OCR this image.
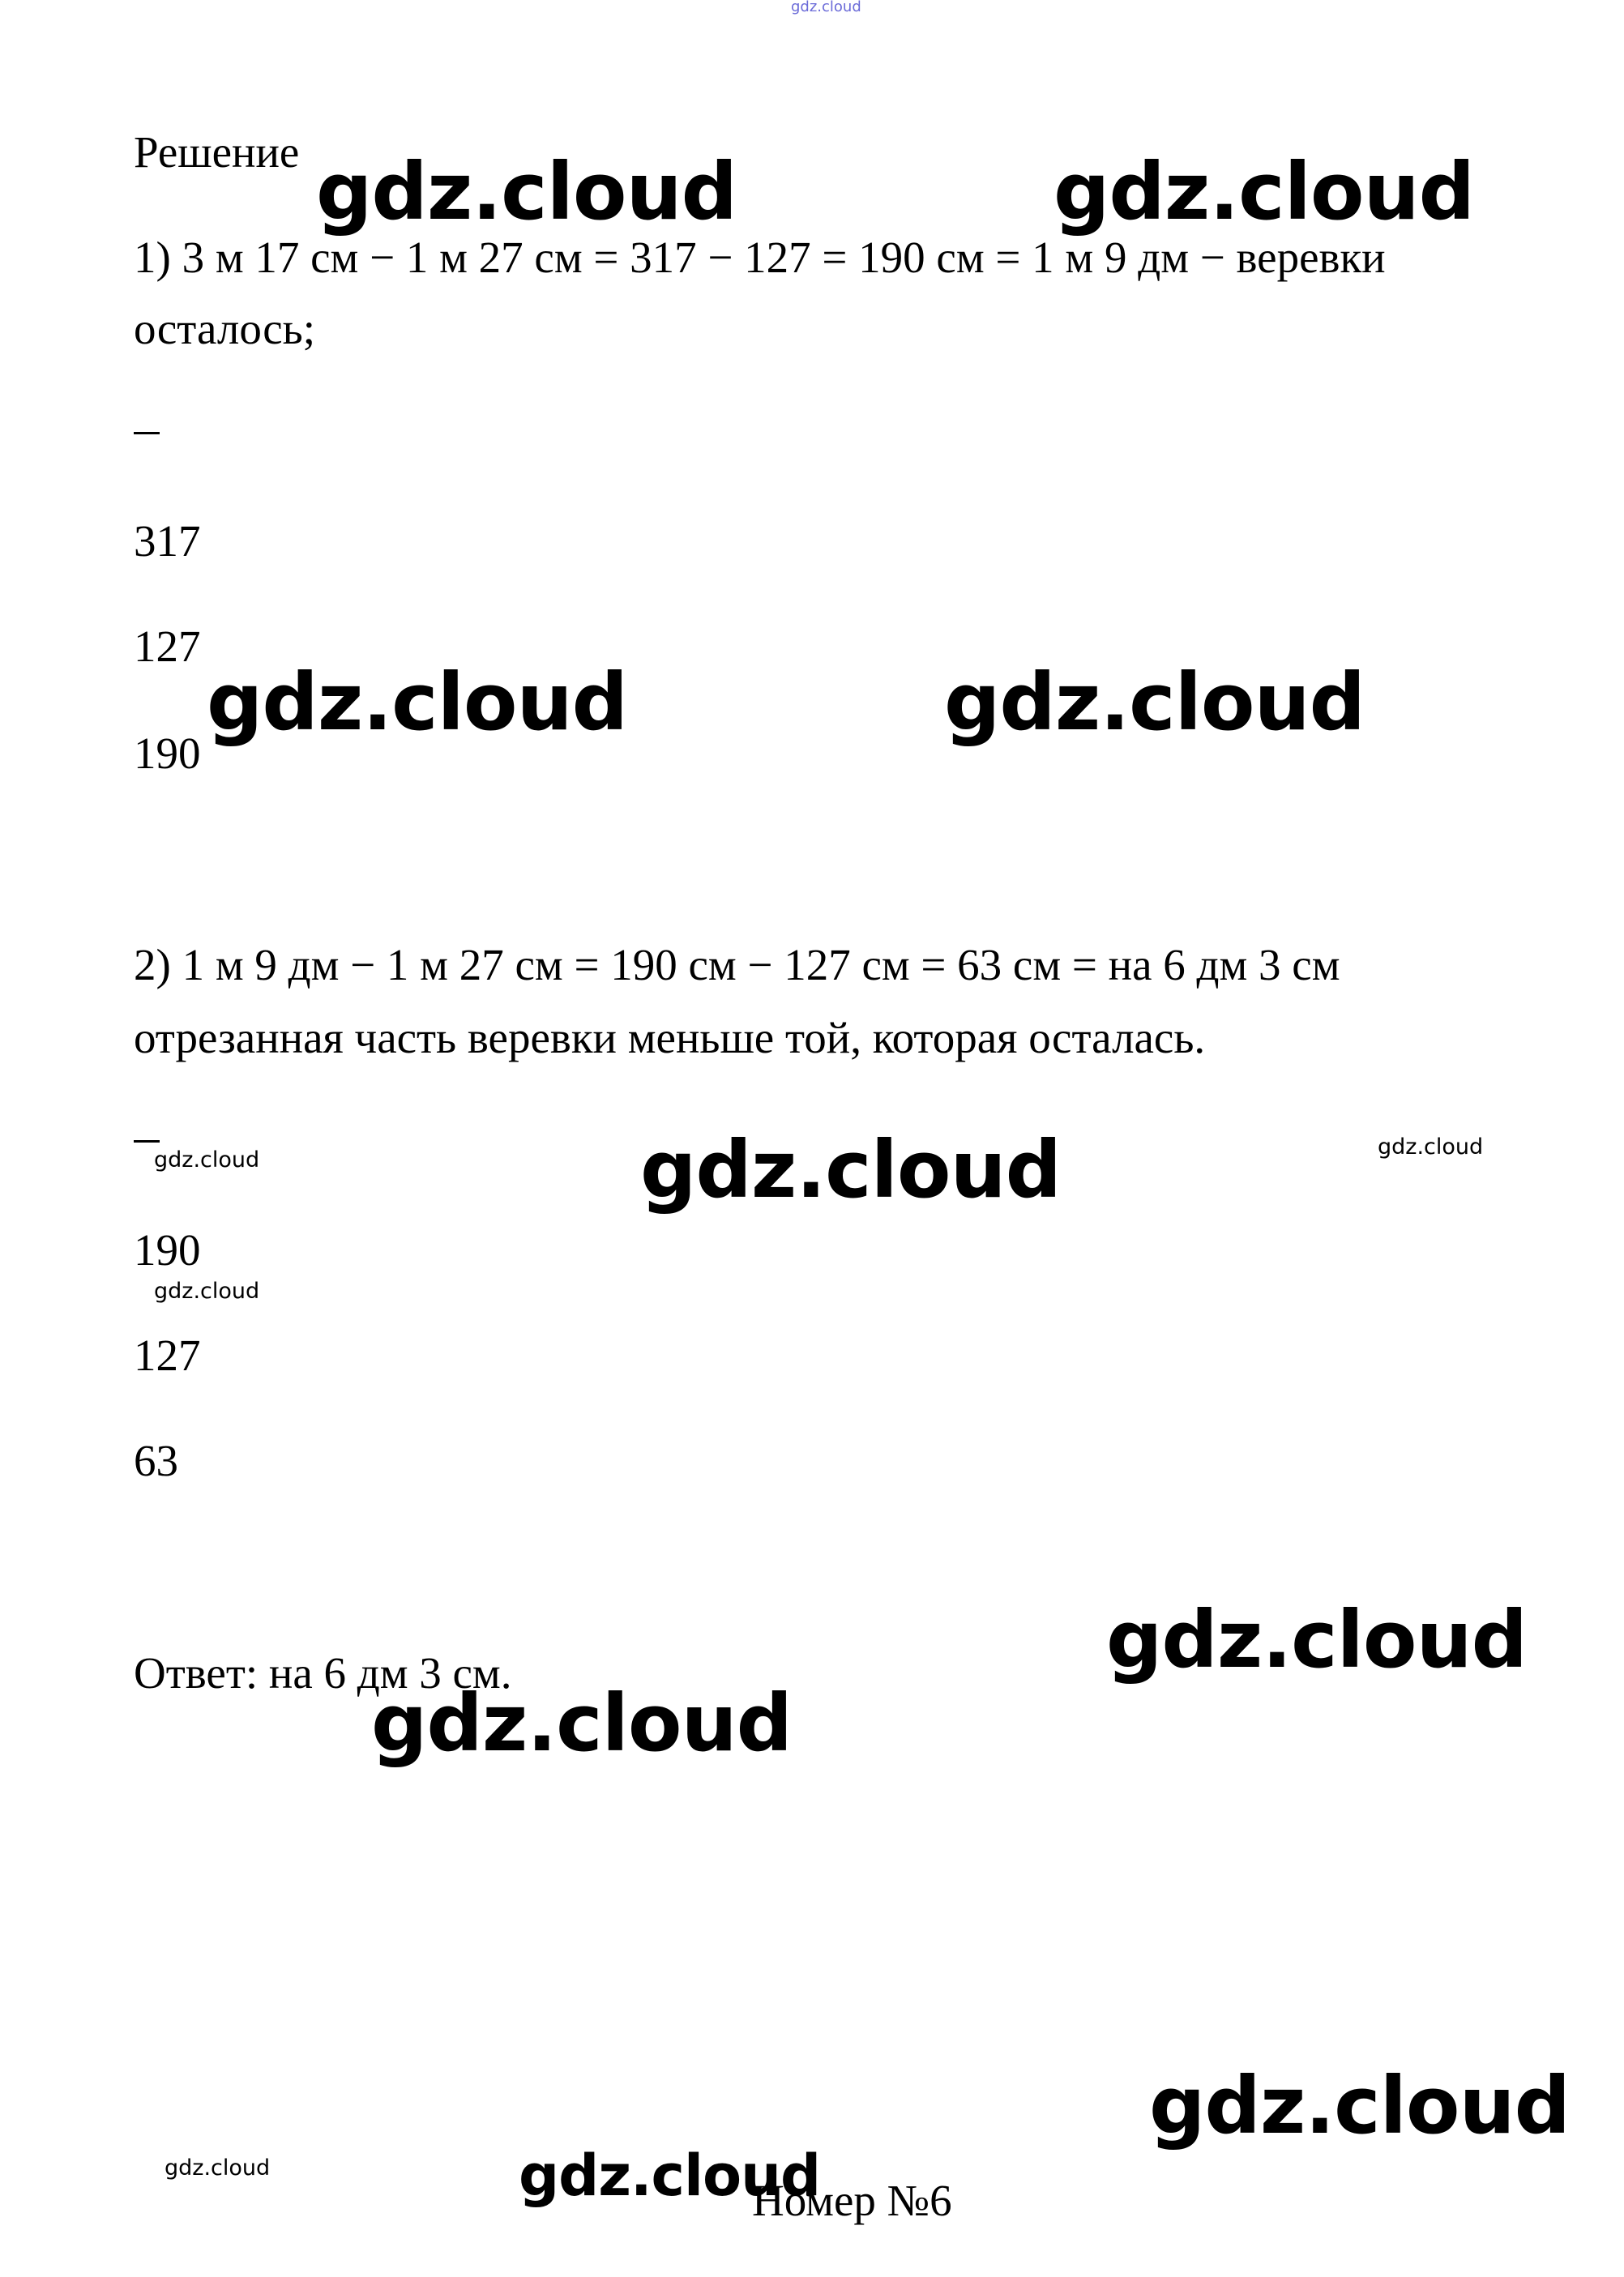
gdz.cloud
Решение gdz.cloud	gdz.cloud
1) 3 м 17 см − 1 м 27 см = 317 − 127 = 190 см = 1 м 9 дм − веревки
осталось;
317
127
190
gdz.cloud	gdz.cloud
2) 1 м 9 дм − 1 м 27 см = 190 см − 127 см = 63 см = на 6 дм 3 см
отрезанная часть веревки меньше той, которая осталась.
gdz.cloud	gdz.cloud	gdz.cloud
190
gdz.cloud
127
63
gdz.cloud
Ответ: на 6 дм 3 см.
gdz.cloud
gdz.cloud
gdz.cloud	gdz.cloud
Номер №6
